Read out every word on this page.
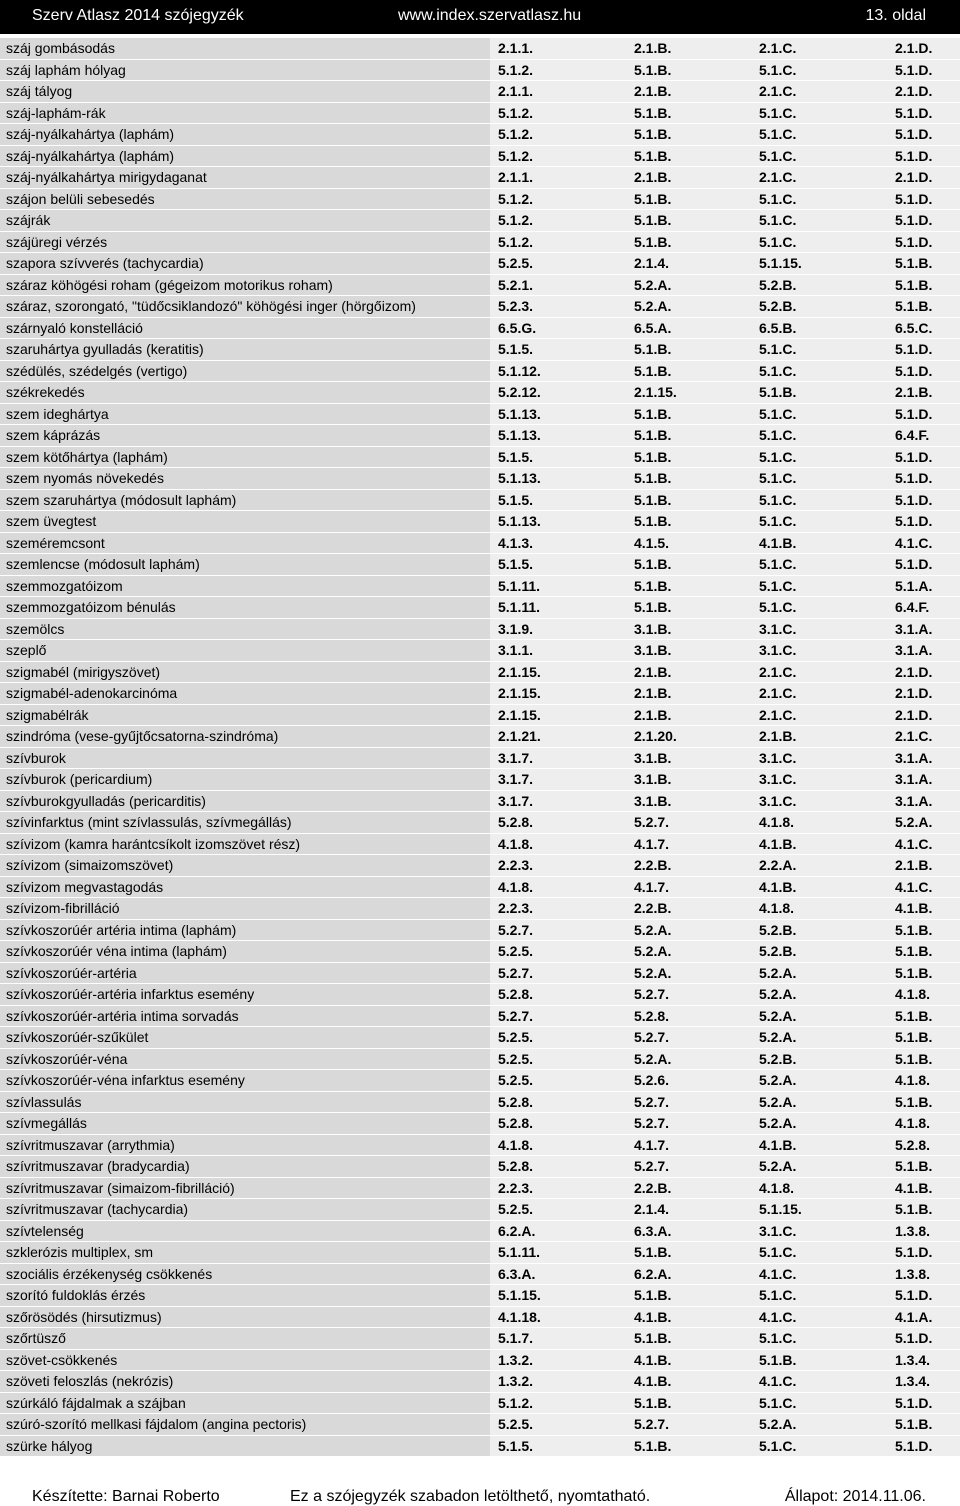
Szerv Atlasz 2014 szójegyzék	www.index.szervatlasz.hu	13. oldal
száj gombásodás	2.1.1.	2.1.B.	2.1.C.	2.1.D.
száj laphám hólyag	5.1.2.	5.1.B.	5.1.C.	5.1.D.
száj tályog	2.1.1.	2.1.B.	2.1.C.	2.1.D.
száj-laphám-rák	5.1.2.	5.1.B.	5.1.C.	5.1.D.
száj-nyálkahártya (laphám)	5.1.2.	5.1.B.	5.1.C.	5.1.D.
száj-nyálkahártya (laphám)	5.1.2.	5.1.B.	5.1.C.	5.1.D.
száj-nyálkahártya mirigydaganat	2.1.1.	2.1.B.	2.1.C.	2.1.D.
szájon belüli sebesedés	5.1.2.	5.1.B.	5.1.C.	5.1.D.
szájrák	5.1.2.	5.1.B.	5.1.C.	5.1.D.
szájüregi vérzés	5.1.2.	5.1.B.	5.1.C.	5.1.D.
szapora szívverés (tachycardia)	5.2.5.	2.1.4.	5.1.15.	5.1.B.
száraz köhögési roham (gégeizom motorikus roham)	5.2.1.	5.2.A.	5.2.B.	5.1.B.
száraz, szorongató, "tüdőcsiklandozó" köhögési inger (hörgőizom)	5.2.3.	5.2.A.	5.2.B.	5.1.B.
szárnyaló konstelláció	6.5.G.	6.5.A.	6.5.B.	6.5.C.
szaruhártya gyulladás (keratitis)	5.1.5.	5.1.B.	5.1.C.	5.1.D.
szédülés, szédelgés (vertigo)	5.1.12.	5.1.B.	5.1.C.	5.1.D.
székrekedés	5.2.12.	2.1.15.	5.1.B.	2.1.B.
szem ideghártya	5.1.13.	5.1.B.	5.1.C.	5.1.D.
szem káprázás	5.1.13.	5.1.B.	5.1.C.	6.4.F.
szem kötőhártya (laphám)	5.1.5.	5.1.B.	5.1.C.	5.1.D.
szem nyomás növekedés	5.1.13.	5.1.B.	5.1.C.	5.1.D.
szem szaruhártya (módosult laphám)	5.1.5.	5.1.B.	5.1.C.	5.1.D.
szem üvegtest	5.1.13.	5.1.B.	5.1.C.	5.1.D.
szeméremcsont	4.1.3.	4.1.5.	4.1.B.	4.1.C.
szemlencse (módosult laphám)	5.1.5.	5.1.B.	5.1.C.	5.1.D.
szemmozgatóizom	5.1.11.	5.1.B.	5.1.C.	5.1.A.
szemmozgatóizom bénulás	5.1.11.	5.1.B.	5.1.C.	6.4.F.
szemölcs	3.1.9.	3.1.B.	3.1.C.	3.1.A.
szeplő	3.1.1.	3.1.B.	3.1.C.	3.1.A.
szigmabél (mirigyszövet)	2.1.15.	2.1.B.	2.1.C.	2.1.D.
szigmabél-adenokarcinóma	2.1.15.	2.1.B.	2.1.C.	2.1.D.
szigmabélrák	2.1.15.	2.1.B.	2.1.C.	2.1.D.
szindróma (vese-gyűjtőcsatorna-szindróma)	2.1.21.	2.1.20.	2.1.B.	2.1.C.
szívburok	3.1.7.	3.1.B.	3.1.C.	3.1.A.
szívburok (pericardium)	3.1.7.	3.1.B.	3.1.C.	3.1.A.
szívburokgyulladás (pericarditis)	3.1.7.	3.1.B.	3.1.C.	3.1.A.
szívinfarktus (mint szívlassulás, szívmegállás)	5.2.8.	5.2.7.	4.1.8.	5.2.A.
szívizom (kamra harántcsíkolt izomszövet rész)	4.1.8.	4.1.7.	4.1.B.	4.1.C.
szívizom (simaizomszövet)	2.2.3.	2.2.B.	2.2.A.	2.1.B.
szívizom megvastagodás	4.1.8.	4.1.7.	4.1.B.	4.1.C.
szívizom-fibrilláció	2.2.3.	2.2.B.	4.1.8.	4.1.B.
szívkoszorúér artéria intima (laphám)	5.2.7.	5.2.A.	5.2.B.	5.1.B.
szívkoszorúér véna intima (laphám)	5.2.5.	5.2.A.	5.2.B.	5.1.B.
szívkoszorúér-artéria	5.2.7.	5.2.A.	5.2.A.	5.1.B.
szívkoszorúér-artéria infarktus esemény	5.2.8.	5.2.7.	5.2.A.	4.1.8.
szívkoszorúér-artéria intima sorvadás	5.2.7.	5.2.8.	5.2.A.	5.1.B.
szívkoszorúér-szűkület	5.2.5.	5.2.7.	5.2.A.	5.1.B.
szívkoszorúér-véna	5.2.5.	5.2.A.	5.2.B.	5.1.B.
szívkoszorúér-véna infarktus esemény	5.2.5.	5.2.6.	5.2.A.	4.1.8.
szívlassulás	5.2.8.	5.2.7.	5.2.A.	5.1.B.
szívmegállás	5.2.8.	5.2.7.	5.2.A.	4.1.8.
szívritmuszavar (arrythmia)	4.1.8.	4.1.7.	4.1.B.	5.2.8.
szívritmuszavar (bradycardia)	5.2.8.	5.2.7.	5.2.A.	5.1.B.
szívritmuszavar (simaizom-fibrilláció)	2.2.3.	2.2.B.	4.1.8.	4.1.B.
szívritmuszavar (tachycardia)	5.2.5.	2.1.4.	5.1.15.	5.1.B.
szívtelenség	6.2.A.	6.3.A.	3.1.C.	1.3.8.
szklerózis multiplex, sm	5.1.11.	5.1.B.	5.1.C.	5.1.D.
szociális érzékenység csökkenés	6.3.A.	6.2.A.	4.1.C.	1.3.8.
szorító fuldoklás érzés	5.1.15.	5.1.B.	5.1.C.	5.1.D.
szőrösödés (hirsutizmus)	4.1.18.	4.1.B.	4.1.C.	4.1.A.
szőrtüsző	5.1.7.	5.1.B.	5.1.C.	5.1.D.
szövet-csökkenés	1.3.2.	4.1.B.	5.1.B.	1.3.4.
szöveti feloszlás (nekrózis)	1.3.2.	4.1.B.	4.1.C.	1.3.4.
szúrkáló fájdalmak a szájban	5.1.2.	5.1.B.	5.1.C.	5.1.D.
szúró-szorító mellkasi fájdalom (angina pectoris)	5.2.5.	5.2.7.	5.2.A.	5.1.B.
szürke hályog	5.1.5.	5.1.B.	5.1.C.	5.1.D.
Készítette: Barnai Roberto	Ez a szójegyzék szabadon letölthető, nyomtatható.	Állapot: 2014.11.06.
